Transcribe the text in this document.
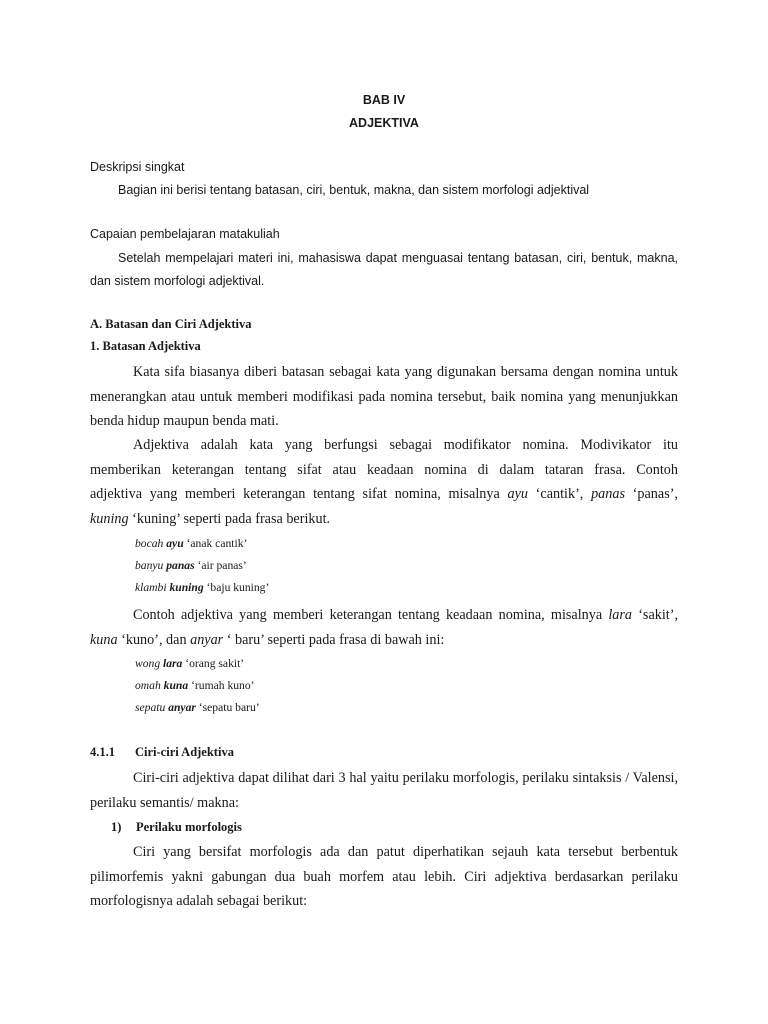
BAB IV

ADJEKTIVA

Deskripsi singkat

Bagian ini berisi tentang batasan, ciri, bentuk, makna, dan sistem morfologi adjektival

Capaian pembelajaran matakuliah

Setelah mempelajari materi ini, mahasiswa dapat menguasai tentang batasan, ciri, bentuk, makna, dan sistem morfologi adjektival.

A. Batasan dan Ciri Adjektiva

1. Batasan Adjektiva

Kata sifa biasanya diberi batasan sebagai kata yang digunakan bersama dengan nomina untuk menerangkan atau untuk memberi modifikasi pada nomina tersebut, baik nomina yang menunjukkan benda hidup maupun benda mati.

Adjektiva adalah kata yang berfungsi sebagai modifikator nomina. Modivikator itu
memberikan keterangan tentang sifat atau keadaan nomina di dalam tataran frasa. Contoh
adjektiva yang memberi keterangan tentang sifat nomina, misalnya ayu ‘cantik’, panas ‘panas’,
kuning ‘kuning’ seperti pada frasa berikut.
bocah ayu ‘anak cantik’
banyu panas ‘air panas’
klambi kuning ‘baju kuning’
Contoh adjektiva yang memberi keterangan tentang keadaan nomina, misalnya lara ‘sakit’,
kuna ‘kuno’, dan anyar ‘ baru’ seperti pada frasa di bawah ini:
wong lara ‘orang sakit’
omah kuna ‘rumah kuno’
sepatu anyar ‘sepatu baru’

4.1.1 Ciri-ciri Adjektiva

Ciri-ciri adjektiva dapat dilihat dari 3 hal yaitu perilaku morfologis, perilaku sintaksis / Valensi, perilaku semantis/ makna:

1) Perilaku morfologis

Ciri yang bersifat morfologis ada dan patut diperhatikan sejauh kata tersebut berbentuk pilimorfemis yakni gabungan dua buah morfem atau lebih. Ciri adjektiva berdasarkan perilaku morfologisnya adalah sebagai berikut:
